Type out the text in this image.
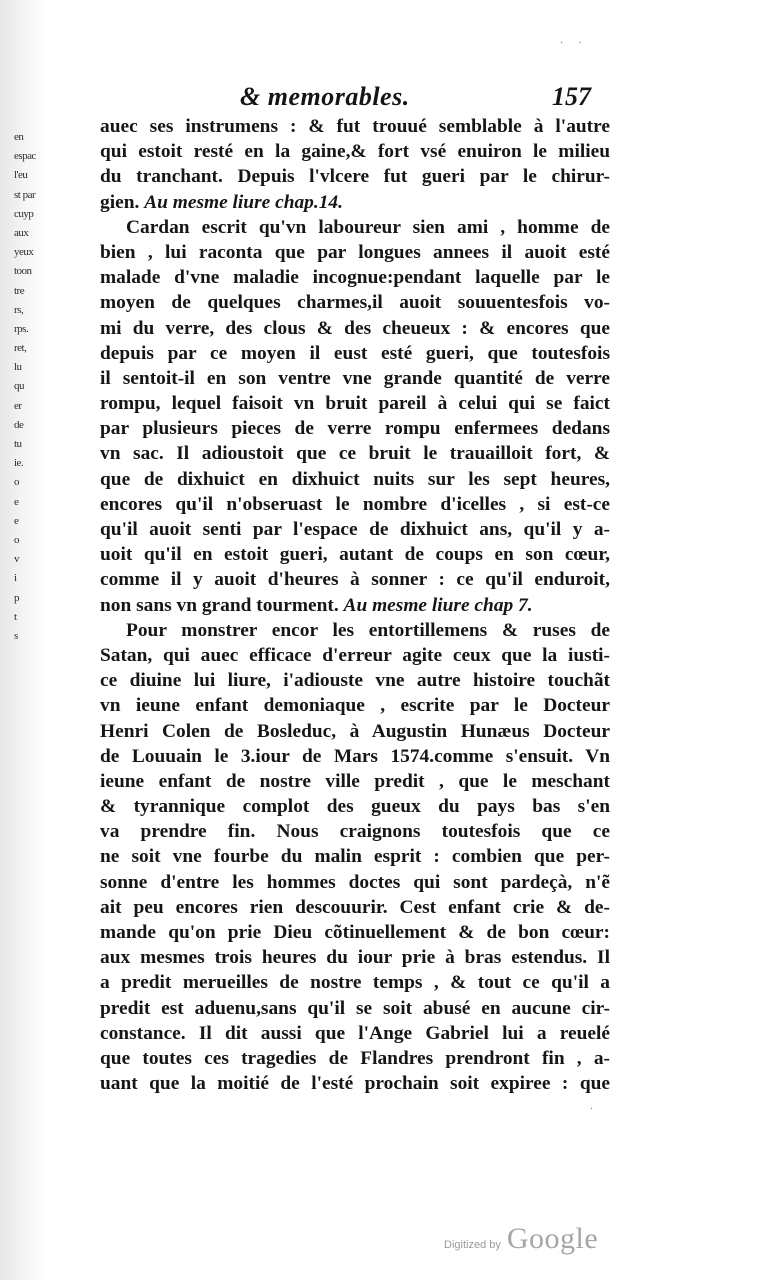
en
espac
l'eu
st par
cuyp
aux
yeux
toon
tre
rs,
rps.
ret,
lu
qu
er
de
tu
ie.
o
e
e
o
v
i
p
t
s
· ·
& memorables.	157
auec ses instrumens : & fut trouué semblable à l'autre
qui estoit resté en la gaine,& fort vsé enuiron le milieu
du tranchant. Depuis l'vlcere fut gueri par le chirur-
gien. Au mesme liure chap.14.
Cardan escrit qu'vn laboureur sien ami , homme de
bien , lui raconta que par longues annees il auoit esté
malade d'vne maladie incognue:pendant laquelle par le
moyen de quelques charmes,il auoit souuentesfois vo-
mi du verre, des clous & des cheueux : & encores que
depuis par ce moyen il eust esté gueri, que toutesfois
il sentoit-il en son ventre vne grande quantité de verre
rompu, lequel faisoit vn bruit pareil à celui qui se faict
par plusieurs pieces de verre rompu enfermees dedans
vn sac. Il adioustoit que ce bruit le trauailloit fort, &
que de dixhuict en dixhuict nuits sur les sept heures,
encores qu'il n'obseruast le nombre d'icelles , si est-ce
qu'il auoit senti par l'espace de dixhuict ans, qu'il y a-
uoit qu'il en estoit gueri, autant de coups en son cœur,
comme il y auoit d'heures à sonner : ce qu'il enduroit,
non sans vn grand tourment. Au mesme liure chap 7.
Pour monstrer encor les entortillemens & ruses de
Satan, qui auec efficace d'erreur agite ceux que la iusti-
ce diuine lui liure, i'adiouste vne autre histoire touchãt
vn ieune enfant demoniaque , escrite par le Docteur
Henri Colen de Bosleduc, à Augustin Hunæus Docteur
de Louuain le 3.iour de Mars 1574.comme s'ensuit. Vn
ieune enfant de nostre ville predit , que le meschant
& tyrannique complot des gueux du pays bas s'en
va prendre fin. Nous craignons toutesfois que ce
ne soit vne fourbe du malin esprit : combien que per-
sonne d'entre les hommes doctes qui sont pardeçà, n'ẽ
ait peu encores rien descouurir. Cest enfant crie & de-
mande qu'on prie Dieu cõtinuellement & de bon cœur:
aux mesmes trois heures du iour prie à bras estendus. Il
a predit merueilles de nostre temps , & tout ce qu'il a
predit est aduenu,sans qu'il se soit abusé en aucune cir-
constance. Il dit aussi que l'Ange Gabriel lui a reuelé
que toutes ces tragedies de Flandres prendront fin , a-
uant que la moitié de l'esté prochain soit expiree : que
·
Digitized by Google
